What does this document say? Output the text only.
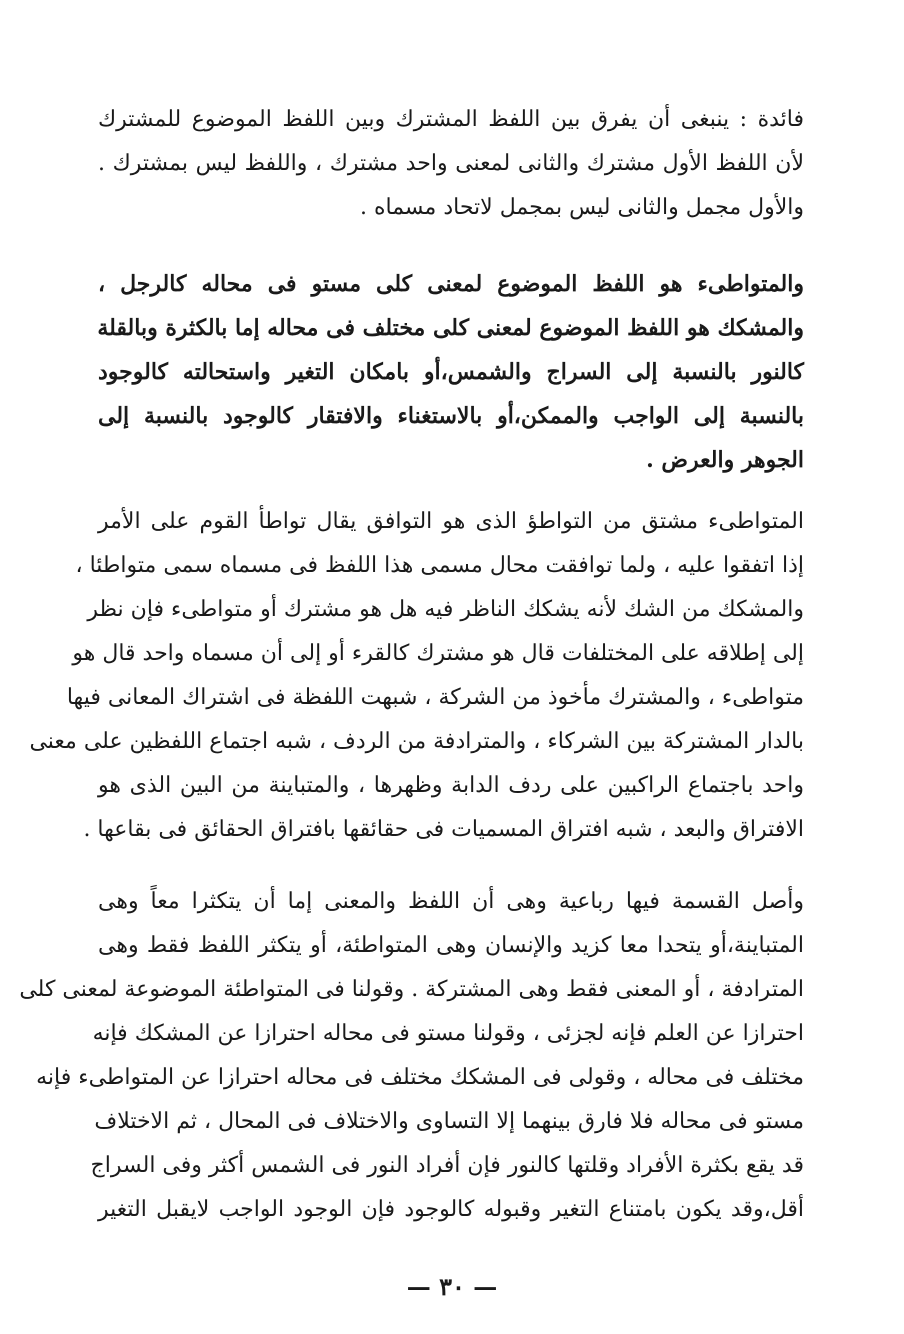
فائدة : ينبغى أن يفرق بين اللفظ المشترك وبين اللفظ الموضوع للمشترك
لأن اللفظ الأول مشترك والثانى لمعنى واحد مشترك ، واللفظ ليس بمشترك .
والأول مجمل والثانى ليس بمجمل لاتحاد مسماه .
والمتواطىء هو اللفظ الموضوع لمعنى كلى مستو فى محاله كالرجل ،
والمشكك هو اللفظ الموضوع لمعنى كلى مختلف فى محاله إما بالكثرة وبالقلة
كالنور بالنسبة إلى السراج والشمس،أو بامكان التغير واستحالته كالوجود
بالنسبة إلى الواجب والممكن،أو بالاستغناء والافتقار كالوجود بالنسبة إلى
الجوهر والعرض .
المتواطىء مشتق من التواطؤ الذى هو التوافق يقال تواطأ القوم على الأمر
إذا اتفقوا عليه ، ولما توافقت محال مسمى هذا اللفظ فى مسماه سمى متواطئا ،
والمشكك من الشك لأنه يشكك الناظر فيه هل هو مشترك أو متواطىء فإن نظر
إلى إطلاقه على المختلفات قال هو مشترك كالقرء أو إلى أن مسماه واحد قال هو
متواطىء ، والمشترك مأخوذ من الشركة ، شبهت اللفظة فى اشتراك المعانى فيها
بالدار المشتركة بين الشركاء ، والمترادفة من الردف ، شبه اجتماع اللفظين على معنى
واحد باجتماع الراكبين على ردف الدابة وظهرها ، والمتباينة من البين الذى هو
الافتراق والبعد ، شبه افتراق المسميات فى حقائقها بافتراق الحقائق فى بقاعها .
وأصل القسمة فيها رباعية وهى أن اللفظ والمعنى إما أن يتكثرا معاً وهى
المتباينة،أو يتحدا معا كزيد والإنسان وهى المتواطئة، أو يتكثر اللفظ فقط وهى
المترادفة ، أو المعنى فقط وهى المشتركة . وقولنا فى المتواطئة الموضوعة لمعنى كلى
احترازا عن العلم فإنه لجزئى ، وقولنا مستو فى محاله احترازا عن المشكك فإنه
مختلف فى محاله ، وقولى فى المشكك مختلف فى محاله احترازا عن المتواطىء فإنه
مستو فى محاله فلا فارق بينهما إلا التساوى والاختلاف فى المحال ، ثم الاختلاف
قد يقع بكثرة الأفراد وقلتها كالنور فإن أفراد النور فى الشمس أكثر وفى السراج
أقل،وقد يكون بامتناع التغير وقبوله كالوجود فإن الوجود الواجب لايقبل التغير
— ٣٠ —
